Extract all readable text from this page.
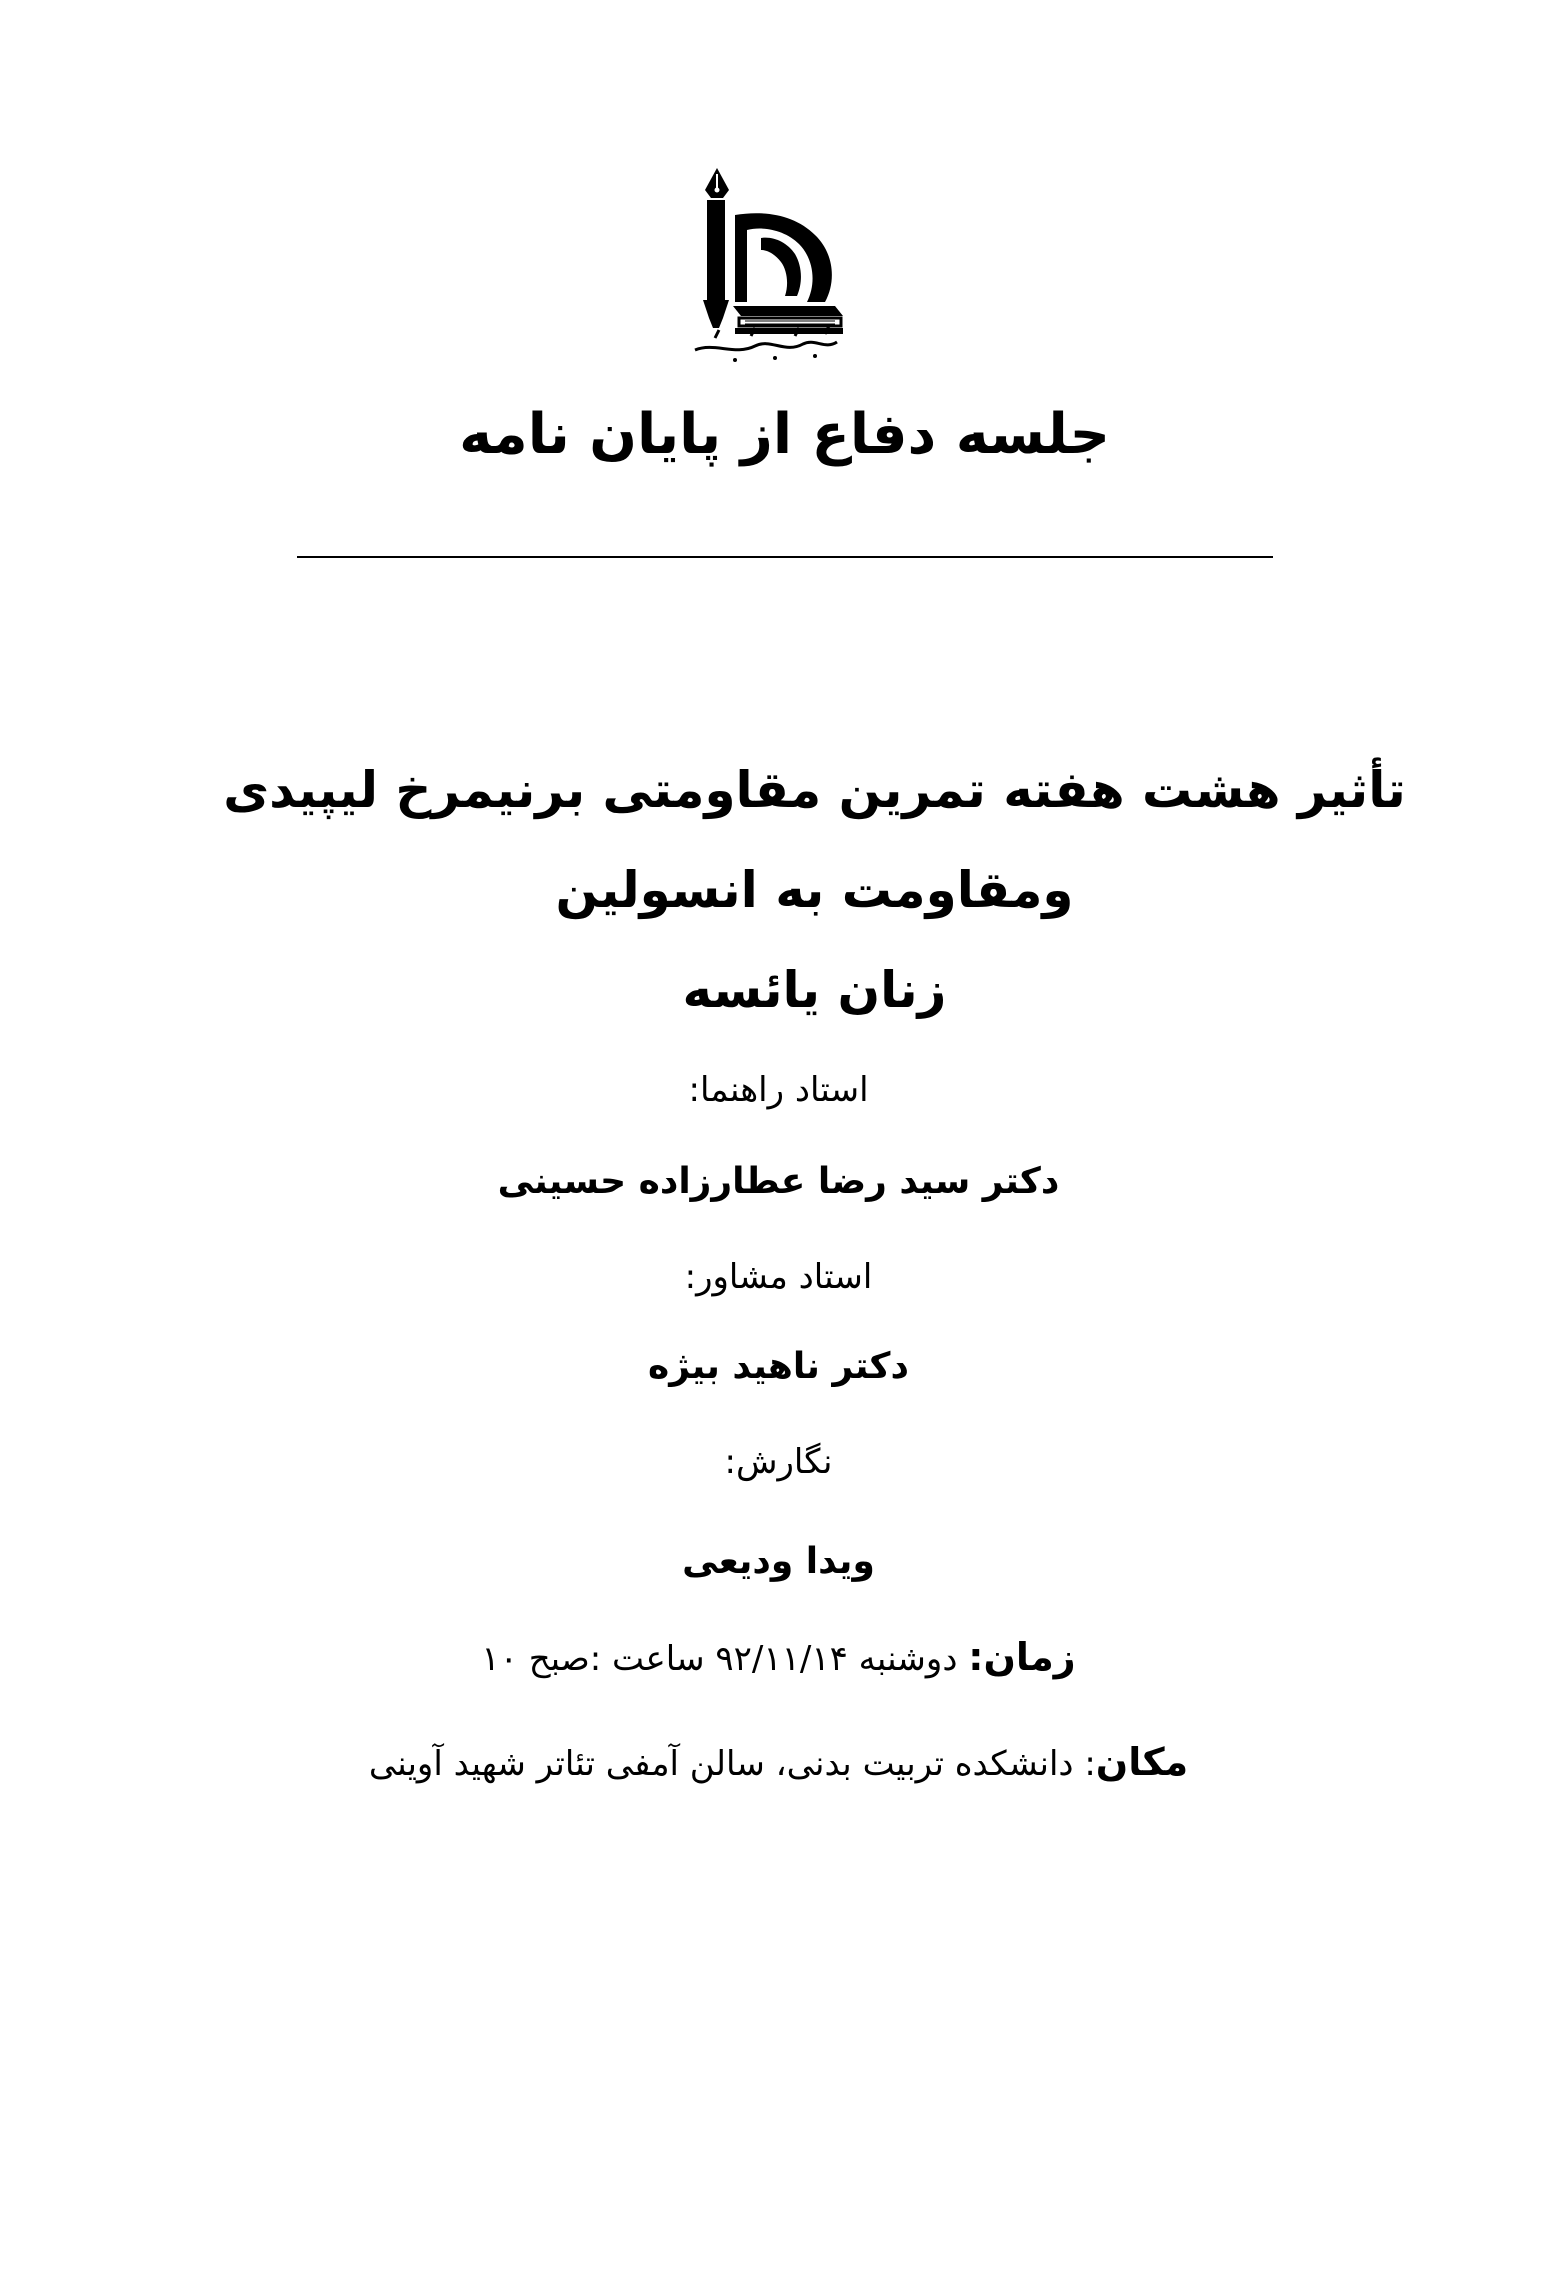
جلسه دفاع از پایان نامه
تأثیر هشت هفته تمرین مقاومتی برنیمرخ لیپیدی ومقاومت به انسولین
زنان یائسه
استاد راهنما:
دکتر سید رضا عطارزاده حسینی
استاد مشاور:
دکتر ناهید بیژه
نگارش:
ویدا ودیعی
زمان: دوشنبه ۹۲/۱۱/۱۴ ساعت :صبح ۱۰
مکان: دانشکده تربیت بدنی، سالن آمفی تئاتر شهید آوینی
